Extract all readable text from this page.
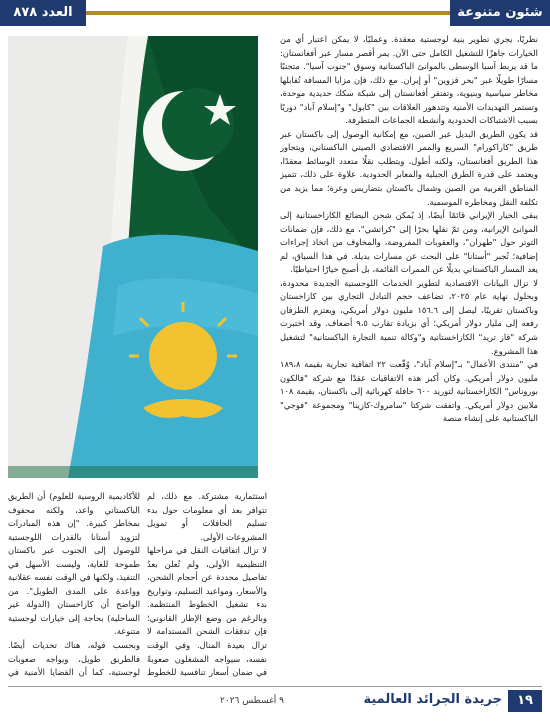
العدد ٨٧٨	شئون متنوعة

نظريًا، يجري تطوير بنية لوجستية معقدة. وعمليًا، لا يمكن اعتبار أي من الخيارات جاهزًا للتشغيل الكامل حتى الآن. يمر أقصر مسار عبر أفغانستان: ما قد يربط آسيا الوسطى بالموانئ الباكستانية وسوق "جنوب آسيا". متجنبًا مسارًا طويلًا عبر "بحر قزوين" أو إيران. مع ذلك، فإن مزايا المسافة تُقابلها مخاطر سياسية وبنيوية، وتفتقر أفغانستان إلى شبكة سكك حديدية موحدة، وتستمر التهديدات الأمنية وتتدهور العلاقات بين "كابول" و"إسلام آباد" دوريًا بسبب الاشتباكات الحدودية وأنشطة الجماعات المتطرفة.

قد يكون الطريق البديل عبر الصين، مع إمكانية الوصول إلى باكستان عبر طريق "كاراكورام" السريع والممر الاقتصادي الصيني الباكستاني، ويتجاوز هذا الطريق أفغانستان، ولكنه أطول، ويتطلب نقلًا متعدد الوسائط معقدًا، ويعتمد على قدرة الطرق الجبلية والمعابر الحدودية. علاوة على ذلك، تتميز المناطق الغربية من الصين وشمال باكستان بتضاريس وعرة؛ مما يزيد من تكلفة النقل ومخاطره الموسمية.

يبقى الخيار الإيراني قائمًا أيضًا، إذ يُمكن شحن البضائع الكازاخستانية إلى الموانئ الإيرانية، ومن ثمّ نقلها بحرًا إلى "كراتشي"، مع ذلك، فإن ضمانات التوتر حول "طهران"، والعقوبات المفروضة، والمخاوف من اتخاذ إجراءات إضافية؛ تُجبر "أستانا" على البحث عن مسارات بديلة. في هذا السياق، لم يعد المسار الباكستاني بديلًا عن الممرات القائمة، بل أصبح خيارًا احتياطيًا.

لا تزال البيانات الاقتصادية لتطوير الخدمات اللوجستية الجديدة محدودة، وبحلول نهاية عام ٢٠٢٥، تضاعف حجم التبادل التجاري بين كازاخستان وباكستان تقريبًا، ليصل إلى ١٥٦.٦ مليون دولار أمريكي، ويعتزم الطرفان رفعه إلى مليار دولار أمريكي؛ أي بزيادة تقارب ٩،٥ أضعاف. وقد اختبرت شركة "قاز تريد" الكازاخستانية و"وكالة تنمية التجارة الباكستانية" لتشغيل هذا المشروع.

في "منتدى الأعمال" بـ"إسلام آباد"، وُقّعت ٢٢ اتفاقية تجارية بقيمة ١٨٩،٨ مليون دولار أمريكي. وكان أكبر هذه الاتفاقيات عقدًا مع شركة "فالكون بوروناس" الكازاخستانية لتوريد ٦٠٠ حافلة كهربائية إلى باكستان، بقيمة ١٠٨ ملايين دولار أمريكي. واتفقت شركتا "سامروك-كازينا" ومجموعة "فوجي" الباكستانية على إنشاء منصة

استثمارية مشتركة. مع ذلك، لم تتوافر بعد أي معلومات حول بدء تسليم الحافلات أو تمويل المشروعات الأولى.

لا تزال اتفاقيات النقل في مراحلها التنظيمية الأولى، ولم تُعلن بعدُ تفاصيل محددة عن أحجام الشحن، والأسعار، ومواعيد التسليم، وتواريخ بدء تشغيل الخطوط المنتظمة. وبالرغم من وضع الإطار القانوني؛ فإن تدفقات الشحن المستدامة لا تزال بعيدة المنال. وفي الوقت نفسه، سيواجه المشغلون صعوبةً في ضمان أسعار تنافسية للخطوط

للأكاديمية الروسية للعلوم) أن الطريق الباكستاني واعد، ولكنه محفوف بمخاطر كبيرة. "إن هذه المبادرات لتزويد أستانا بالقدرات اللوجستية للوصول إلى الجنوب عبر باكستان طموحة للغاية، وليست الأسهل في التنفيذ، ولكنها في الوقت نفسه عقلانية وواعدة على المدى الطويل". من الواضح أن كازاخستان (الدولة غير الساحلية) بحاجة إلى خيارات لوجستية متنوعة.

وبحسب قوله، هناك تحديات أيضًا. فالطريق طويل، ويواجه صعوبات لوجستية، كما أن القضايا الأمنية في

٩ أغسطس ٢٠٢٦	جريدة الجرائد العالمية	١٩
